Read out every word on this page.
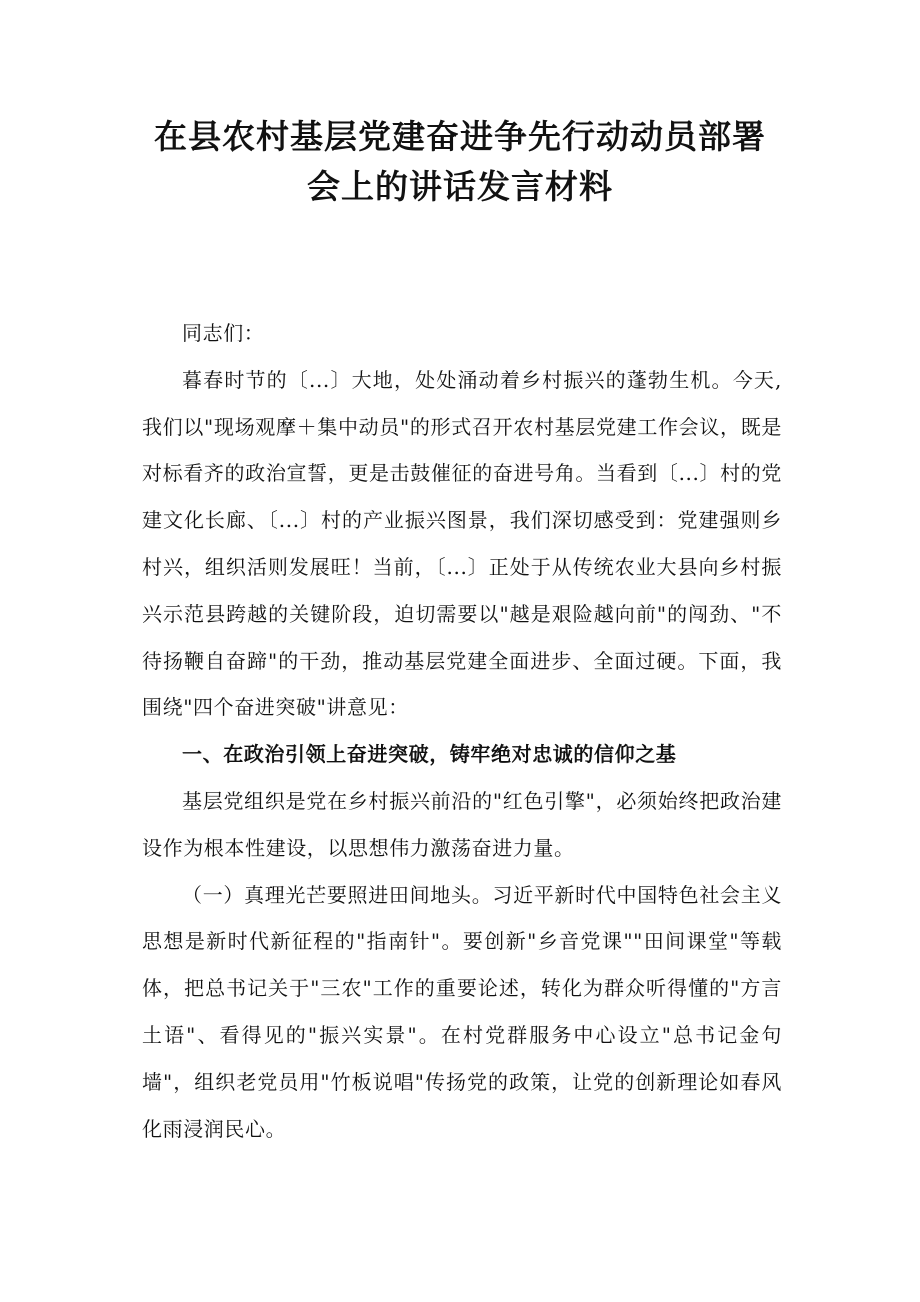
在县农村基层党建奋进争先行动动员部署
会上的讲话发言材料

同志们：

暮春时节的〔...〕大地，处处涌动着乡村振兴的蓬勃生机。今天,我们以"现场观摩＋集中动员"的形式召开农村基层党建工作会议，既是对标看齐的政治宣誓，更是击鼓催征的奋进号角。当看到〔...〕村的党建文化长廊、〔...〕村的产业振兴图景，我们深切感受到：党建强则乡村兴，组织活则发展旺！当前，〔...〕正处于从传统农业大县向乡村振兴示范县跨越的关键阶段，迫切需要以"越是艰险越向前"的闯劲、"不待扬鞭自奋蹄"的干劲，推动基层党建全面进步、全面过硬。下面，我围绕"四个奋进突破"讲意见：

一、在政治引领上奋进突破，铸牢绝对忠诚的信仰之基

基层党组织是党在乡村振兴前沿的"红色引擎"，必须始终把政治建设作为根本性建设，以思想伟力激荡奋进力量。

（一）真理光芒要照进田间地头。习近平新时代中国特色社会主义思想是新时代新征程的"指南针"。要创新"乡音党课""田间课堂"等载体，把总书记关于"三农"工作的重要论述，转化为群众听得懂的"方言土语"、看得见的"振兴实景"。在村党群服务中心设立"总书记金句墙"，组织老党员用"竹板说唱"传扬党的政策，让党的创新理论如春风化雨浸润民心。
